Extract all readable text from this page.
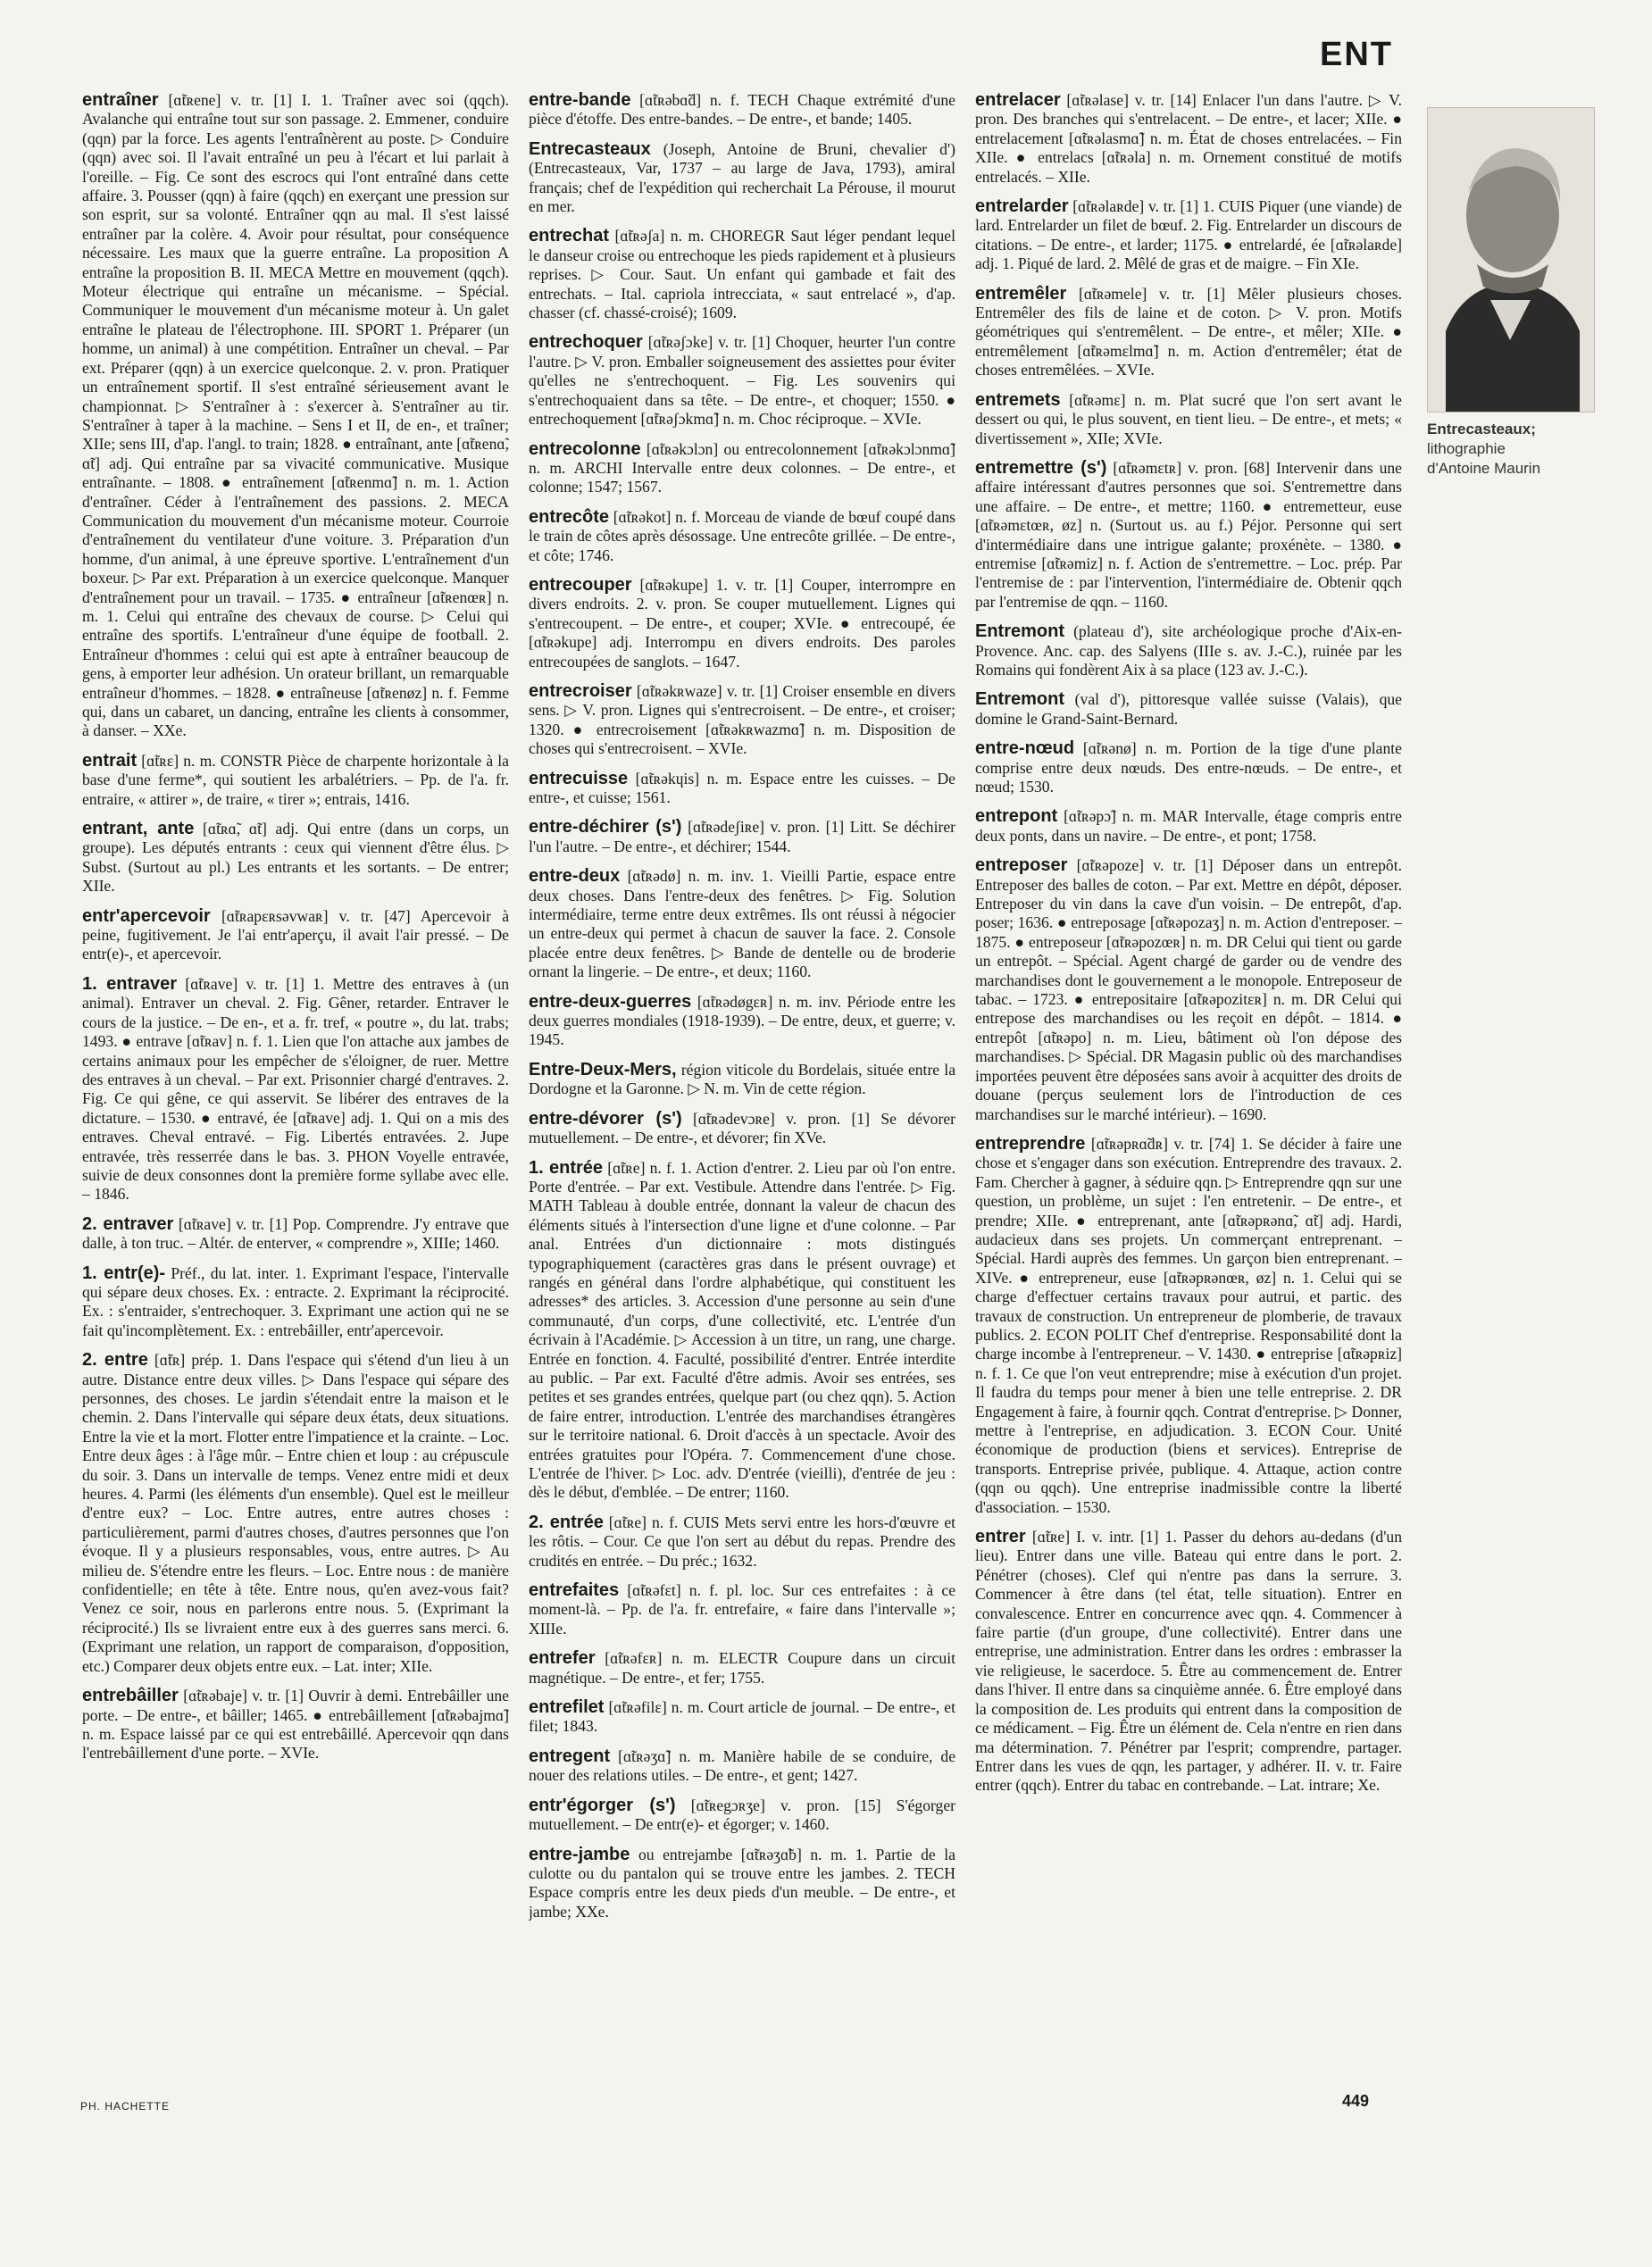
ENT

entraîner [ɑ̃tʀene] v. tr. [1] I. 1. Traîner avec soi (qqch). Avalanche qui entraîne tout sur son passage. 2. Emmener, conduire (qqn) par la force. Les agents l'entraînèrent au poste. ▷ Conduire (qqn) avec soi. Il l'avait entraîné un peu à l'écart et lui parlait à l'oreille. – Fig. Ce sont des escrocs qui l'ont entraîné dans cette affaire. 3. Pousser (qqn) à faire (qqch) en exerçant une pression sur son esprit, sur sa volonté. Entraîner qqn au mal. Il s'est laissé entraîner par la colère. 4. Avoir pour résultat, pour conséquence nécessaire. Les maux que la guerre entraîne. La proposition A entraîne la proposition B. II. MECA Mettre en mouvement (qqch). Moteur électrique qui entraîne un mécanisme. – Spécial. Communiquer le mouvement d'un mécanisme moteur à. Un galet entraîne le plateau de l'électrophone. III. SPORT 1. Préparer (un homme, un animal) à une compétition. Entraîner un cheval. – Par ext. Préparer (qqn) à un exercice quelconque. 2. v. pron. Pratiquer un entraînement sportif. Il s'est entraîné sérieusement avant le championnat. ▷ S'entraîner à : s'exercer à. S'entraîner au tir. S'entraîner à taper à la machine. – Sens I et II, de en-, et traîner; XIIe; sens III, d'ap. l'angl. to train; 1828. ● entraînant, ante [ɑ̃tʀenɑ̃, ɑ̃t] adj. Qui entraîne par sa vivacité communicative. Musique entraînante. – 1808. ● entraînement [ɑ̃tʀenmɑ̃] n. m. 1. Action d'entraîner. Céder à l'entraînement des passions. 2. MECA Communication du mouvement d'un mécanisme moteur. Courroie d'entraînement du ventilateur d'une voiture. 3. Préparation d'un homme, d'un animal, à une épreuve sportive. L'entraînement d'un boxeur. ▷ Par ext. Préparation à un exercice quelconque. Manquer d'entraînement pour un travail. – 1735. ● entraîneur [ɑ̃tʀenœʀ] n. m. 1. Celui qui entraîne des chevaux de course. ▷ Celui qui entraîne des sportifs. L'entraîneur d'une équipe de football. 2. Entraîneur d'hommes : celui qui est apte à entraîner beaucoup de gens, à emporter leur adhésion. Un orateur brillant, un remarquable entraîneur d'hommes. – 1828. ● entraîneuse [ɑ̃tʀenøz] n. f. Femme qui, dans un cabaret, un dancing, entraîne les clients à consommer, à danser. – XXe.

entrait [ɑ̃tʀɛ] n. m. CONSTR Pièce de charpente horizontale à la base d'une ferme*, qui soutient les arbalétriers. – Pp. de l'a. fr. entraire, « attirer », de traire, « tirer »; entrais, 1416.

entrant, ante [ɑ̃tʀɑ̃, ɑ̃t] adj. Qui entre (dans un corps, un groupe). Les députés entrants : ceux qui viennent d'être élus. ▷ Subst. (Surtout au pl.) Les entrants et les sortants. – De entrer; XIIe.

entr'apercevoir [ɑ̃tʀapɛʀsəvwaʀ] v. tr. [47] Apercevoir à peine, fugitivement. Je l'ai entr'aperçu, il avait l'air pressé. – De entr(e)-, et apercevoir.

1. entraver [ɑ̃tʀave] v. tr. [1] 1. Mettre des entraves à (un animal). Entraver un cheval. 2. Fig. Gêner, retarder. Entraver le cours de la justice. – De en-, et a. fr. tref, « poutre », du lat. trabs; 1493. ● entrave [ɑ̃tʀav] n. f. 1. Lien que l'on attache aux jambes de certains animaux pour les empêcher de s'éloigner, de ruer. Mettre des entraves à un cheval. – Par ext. Prisonnier chargé d'entraves. 2. Fig. Ce qui gêne, ce qui asservit. Se libérer des entraves de la dictature. – 1530. ● entravé, ée [ɑ̃tʀave] adj. 1. Qui on a mis des entraves. Cheval entravé. – Fig. Libertés entravées. 2. Jupe entravée, très resserrée dans le bas. 3. PHON Voyelle entravée, suivie de deux consonnes dont la première forme syllabe avec elle. – 1846.

2. entraver [ɑ̃tʀave] v. tr. [1] Pop. Comprendre. J'y entrave que dalle, à ton truc. – Altér. de enterver, « comprendre », XIIIe; 1460.

1. entr(e)- Préf., du lat. inter. 1. Exprimant l'espace, l'intervalle qui sépare deux choses. Ex. : entracte. 2. Exprimant la réciprocité. Ex. : s'entraider, s'entrechoquer. 3. Exprimant une action qui ne se fait qu'incomplètement. Ex. : entrebâiller, entr'apercevoir.

2. entre [ɑ̃tʀ] prép. 1. Dans l'espace qui s'étend d'un lieu à un autre. Distance entre deux villes. ▷ Dans l'espace qui sépare des personnes, des choses. Le jardin s'étendait entre la maison et le chemin. 2. Dans l'intervalle qui sépare deux états, deux situations. Entre la vie et la mort. Flotter entre l'impatience et la crainte. – Loc. Entre deux âges : à l'âge mûr. – Entre chien et loup : au crépuscule du soir. 3. Dans un intervalle de temps. Venez entre midi et deux heures. 4. Parmi (les éléments d'un ensemble). Quel est le meilleur d'entre eux? – Loc. Entre autres, entre autres choses : particulièrement, parmi d'autres choses, d'autres personnes que l'on évoque. Il y a plusieurs responsables, vous, entre autres. ▷ Au milieu de. S'étendre entre les fleurs. – Loc. Entre nous : de manière confidentielle; en tête à tête. Entre nous, qu'en avez-vous fait? Venez ce soir, nous en parlerons entre nous. 5. (Exprimant la réciprocité.) Ils se livraient entre eux à des guerres sans merci. 6. (Exprimant une relation, un rapport de comparaison, d'opposition, etc.) Comparer deux objets entre eux. – Lat. inter; XIIe.

entrebâiller [ɑ̃tʀəbaje] v. tr. [1] Ouvrir à demi. Entrebâiller une porte. – De entre-, et bâiller; 1465. ● entrebâillement [ɑ̃tʀəbajmɑ̃] n. m. Espace laissé par ce qui est entrebâillé. Apercevoir qqn dans l'entrebâillement d'une porte. – XVIe.

entre-bande [ɑ̃tʀəbɑ̃d] n. f. TECH Chaque extrémité d'une pièce d'étoffe. Des entre-bandes. – De entre-, et bande; 1405.

Entrecasteaux (Joseph, Antoine de Bruni, chevalier d') (Entrecasteaux, Var, 1737 – au large de Java, 1793), amiral français; chef de l'expédition qui recherchait La Pérouse, il mourut en mer.

entrechat [ɑ̃tʀəʃa] n. m. CHOREGR Saut léger pendant lequel le danseur croise ou entrechoque les pieds rapidement et à plusieurs reprises. ▷ Cour. Saut. Un enfant qui gambade et fait des entrechats. – Ital. capriola intrecciata, « saut entrelacé », d'ap. chasser (cf. chassé-croisé); 1609.

entrechoquer [ɑ̃tʀəʃɔke] v. tr. [1] Choquer, heurter l'un contre l'autre. ▷ V. pron. Emballer soigneusement des assiettes pour éviter qu'elles ne s'entrechoquent. – Fig. Les souvenirs qui s'entrechoquaient dans sa tête. – De entre-, et choquer; 1550. ● entrechoquement [ɑ̃tʀəʃɔkmɑ̃] n. m. Choc réciproque. – XVIe.

entrecolonne [ɑ̃tʀəkɔlɔn] ou entrecolonnement [ɑ̃tʀəkɔlɔnmɑ̃] n. m. ARCHI Intervalle entre deux colonnes. – De entre-, et colonne; 1547; 1567.

entrecôte [ɑ̃tʀəkot] n. f. Morceau de viande de bœuf coupé dans le train de côtes après désossage. Une entrecôte grillée. – De entre-, et côte; 1746.

entrecouper [ɑ̃tʀəkupe] 1. v. tr. [1] Couper, interrompre en divers endroits. 2. v. pron. Se couper mutuellement. Lignes qui s'entrecoupent. – De entre-, et couper; XVIe. ● entrecoupé, ée [ɑ̃tʀəkupe] adj. Interrompu en divers endroits. Des paroles entrecoupées de sanglots. – 1647.

entrecroiser [ɑ̃tʀəkʀwaze] v. tr. [1] Croiser ensemble en divers sens. ▷ V. pron. Lignes qui s'entrecroisent. – De entre-, et croiser; 1320. ● entrecroisement [ɑ̃tʀəkʀwazmɑ̃] n. m. Disposition de choses qui s'entrecroisent. – XVIe.

entrecuisse [ɑ̃tʀəkɥis] n. m. Espace entre les cuisses. – De entre-, et cuisse; 1561.

entre-déchirer (s') [ɑ̃tʀədeʃiʀe] v. pron. [1] Litt. Se déchirer l'un l'autre. – De entre-, et déchirer; 1544.

entre-deux [ɑ̃tʀədø] n. m. inv. 1. Vieilli Partie, espace entre deux choses. Dans l'entre-deux des fenêtres. ▷ Fig. Solution intermédiaire, terme entre deux extrêmes. Ils ont réussi à négocier un entre-deux qui permet à chacun de sauver la face. 2. Console placée entre deux fenêtres. ▷ Bande de dentelle ou de broderie ornant la lingerie. – De entre-, et deux; 1160.

entre-deux-guerres [ɑ̃tʀədøgɛʀ] n. m. inv. Période entre les deux guerres mondiales (1918-1939). – De entre, deux, et guerre; v. 1945.

Entre-Deux-Mers, région viticole du Bordelais, située entre la Dordogne et la Garonne. ▷ N. m. Vin de cette région.

entre-dévorer (s') [ɑ̃tʀədevɔʀe] v. pron. [1] Se dévorer mutuellement. – De entre-, et dévorer; fin XVe.

1. entrée [ɑ̃tʀe] n. f. 1. Action d'entrer. 2. Lieu par où l'on entre. Porte d'entrée. – Par ext. Vestibule. Attendre dans l'entrée. ▷ Fig. MATH Tableau à double entrée, donnant la valeur de chacun des éléments situés à l'intersection d'une ligne et d'une colonne. – Par anal. Entrées d'un dictionnaire : mots distingués typographiquement (caractères gras dans le présent ouvrage) et rangés en général dans l'ordre alphabétique, qui constituent les adresses* des articles. 3. Accession d'une personne au sein d'une communauté, d'un corps, d'une collectivité, etc. L'entrée d'un écrivain à l'Académie. ▷ Accession à un titre, un rang, une charge. Entrée en fonction. 4. Faculté, possibilité d'entrer. Entrée interdite au public. – Par ext. Faculté d'être admis. Avoir ses entrées, ses petites et ses grandes entrées, quelque part (ou chez qqn). 5. Action de faire entrer, introduction. L'entrée des marchandises étrangères sur le territoire national. 6. Droit d'accès à un spectacle. Avoir des entrées gratuites pour l'Opéra. 7. Commencement d'une chose. L'entrée de l'hiver. ▷ Loc. adv. D'entrée (vieilli), d'entrée de jeu : dès le début, d'emblée. – De entrer; 1160.

2. entrée [ɑ̃tʀe] n. f. CUIS Mets servi entre les hors-d'œuvre et les rôtis. – Cour. Ce que l'on sert au début du repas. Prendre des crudités en entrée. – Du préc.; 1632.

entrefaites [ɑ̃tʀəfɛt] n. f. pl. loc. Sur ces entrefaites : à ce moment-là. – Pp. de l'a. fr. entrefaire, « faire dans l'intervalle »; XIIIe.

entrefer [ɑ̃tʀəfɛʀ] n. m. ELECTR Coupure dans un circuit magnétique. – De entre-, et fer; 1755.

entrefilet [ɑ̃tʀəfilɛ] n. m. Court article de journal. – De entre-, et filet; 1843.

entregent [ɑ̃tʀəʒɑ̃] n. m. Manière habile de se conduire, de nouer des relations utiles. – De entre-, et gent; 1427.

entr'égorger (s') [ɑ̃tʀegɔʀʒe] v. pron. [15] S'égorger mutuellement. – De entr(e)- et égorger; v. 1460.

entre-jambe ou entrejambe [ɑ̃tʀəʒɑ̃b] n. m. 1. Partie de la culotte ou du pantalon qui se trouve entre les jambes. 2. TECH Espace compris entre les deux pieds d'un meuble. – De entre-, et jambe; XXe.

entrelacer [ɑ̃tʀəlase] v. tr. [14] Enlacer l'un dans l'autre. ▷ V. pron. Des branches qui s'entrelacent. – De entre-, et lacer; XIIe. ● entrelacement [ɑ̃tʀəlasmɑ̃] n. m. État de choses entrelacées. – Fin XIIe. ● entrelacs [ɑ̃tʀəla] n. m. Ornement constitué de motifs entrelacés. – XIIe.

entrelarder [ɑ̃tʀəlaʀde] v. tr. [1] 1. CUIS Piquer (une viande) de lard. Entrelarder un filet de bœuf. 2. Fig. Entrelarder un discours de citations. – De entre-, et larder; 1175. ● entrelardé, ée [ɑ̃tʀəlaʀde] adj. 1. Piqué de lard. 2. Mêlé de gras et de maigre. – Fin XIe.

entremêler [ɑ̃tʀəmele] v. tr. [1] Mêler plusieurs choses. Entremêler des fils de laine et de coton. ▷ V. pron. Motifs géométriques qui s'entremêlent. – De entre-, et mêler; XIIe. ● entremêlement [ɑ̃tʀəmɛlmɑ̃] n. m. Action d'entremêler; état de choses entremêlées. – XVIe.

entremets [ɑ̃tʀəmɛ] n. m. Plat sucré que l'on sert avant le dessert ou qui, le plus souvent, en tient lieu. – De entre-, et mets; « divertissement », XIIe; XVIe.

entremettre (s') [ɑ̃tʀəmɛtʀ] v. pron. [68] Intervenir dans une affaire intéressant d'autres personnes que soi. S'entremettre dans une affaire. – De entre-, et mettre; 1160. ● entremetteur, euse [ɑ̃tʀəmɛtœʀ, øz] n. (Surtout us. au f.) Péjor. Personne qui sert d'intermédiaire dans une intrigue galante; proxénète. – 1380. ● entremise [ɑ̃tʀəmiz] n. f. Action de s'entremettre. – Loc. prép. Par l'entremise de : par l'intervention, l'intermédiaire de. Obtenir qqch par l'entremise de qqn. – 1160.

Entremont (plateau d'), site archéologique proche d'Aix-en-Provence. Anc. cap. des Salyens (IIIe s. av. J.-C.), ruinée par les Romains qui fondèrent Aix à sa place (123 av. J.-C.).

Entremont (val d'), pittoresque vallée suisse (Valais), que domine le Grand-Saint-Bernard.

entre-nœud [ɑ̃tʀənø] n. m. Portion de la tige d'une plante comprise entre deux nœuds. Des entre-nœuds. – De entre-, et nœud; 1530.

entrepont [ɑ̃tʀəpɔ̃] n. m. MAR Intervalle, étage compris entre deux ponts, dans un navire. – De entre-, et pont; 1758.

entreposer [ɑ̃tʀəpoze] v. tr. [1] Déposer dans un entrepôt. Entreposer des balles de coton. – Par ext. Mettre en dépôt, déposer. Entreposer du vin dans la cave d'un voisin. – De entrepôt, d'ap. poser; 1636. ● entreposage [ɑ̃tʀəpozaʒ] n. m. Action d'entreposer. – 1875. ● entreposeur [ɑ̃tʀəpozœʀ] n. m. DR Celui qui tient ou garde un entrepôt. – Spécial. Agent chargé de garder ou de vendre des marchandises dont le gouvernement a le monopole. Entreposeur de tabac. – 1723. ● entrepositaire [ɑ̃tʀəpozitɛʀ] n. m. DR Celui qui entrepose des marchandises ou les reçoit en dépôt. – 1814. ● entrepôt [ɑ̃tʀəpo] n. m. Lieu, bâtiment où l'on dépose des marchandises. ▷ Spécial. DR Magasin public où des marchandises importées peuvent être déposées sans avoir à acquitter des droits de douane (perçus seulement lors de l'introduction de ces marchandises sur le marché intérieur). – 1690.

entreprendre [ɑ̃tʀəpʀɑ̃dʀ] v. tr. [74] 1. Se décider à faire une chose et s'engager dans son exécution. Entreprendre des travaux. 2. Fam. Chercher à gagner, à séduire qqn. ▷ Entreprendre qqn sur une question, un problème, un sujet : l'en entretenir. – De entre-, et prendre; XIIe. ● entreprenant, ante [ɑ̃tʀəpʀənɑ̃, ɑ̃t] adj. Hardi, audacieux dans ses projets. Un commerçant entreprenant. – Spécial. Hardi auprès des femmes. Un garçon bien entreprenant. – XIVe. ● entrepreneur, euse [ɑ̃tʀəpʀənœʀ, øz] n. 1. Celui qui se charge d'effectuer certains travaux pour autrui, et partic. des travaux de construction. Un entrepreneur de plomberie, de travaux publics. 2. ECON POLIT Chef d'entreprise. Responsabilité dont la charge incombe à l'entrepreneur. – V. 1430. ● entreprise [ɑ̃tʀəpʀiz] n. f. 1. Ce que l'on veut entreprendre; mise à exécution d'un projet. Il faudra du temps pour mener à bien une telle entreprise. 2. DR Engagement à faire, à fournir qqch. Contrat d'entreprise. ▷ Donner, mettre à l'entreprise, en adjudication. 3. ECON Cour. Unité économique de production (biens et services). Entreprise de transports. Entreprise privée, publique. 4. Attaque, action contre (qqn ou qqch). Une entreprise inadmissible contre la liberté d'association. – 1530.

entrer [ɑ̃tʀe] I. v. intr. [1] 1. Passer du dehors au-dedans (d'un lieu). Entrer dans une ville. Bateau qui entre dans le port. 2. Pénétrer (choses). Clef qui n'entre pas dans la serrure. 3. Commencer à être dans (tel état, telle situation). Entrer en convalescence. Entrer en concurrence avec qqn. 4. Commencer à faire partie (d'un groupe, d'une collectivité). Entrer dans une entreprise, une administration. Entrer dans les ordres : embrasser la vie religieuse, le sacerdoce. 5. Être au commencement de. Entrer dans l'hiver. Il entre dans sa cinquième année. 6. Être employé dans la composition de. Les produits qui entrent dans la composition de ce médicament. – Fig. Être un élément de. Cela n'entre en rien dans ma détermination. 7. Pénétrer par l'esprit; comprendre, partager. Entrer dans les vues de qqn, les partager, y adhérer. II. v. tr. Faire entrer (qqch). Entrer du tabac en contrebande. – Lat. intrare; Xe.

Entrecasteaux;
lithographie
d'Antoine Maurin
PH. HACHETTE	449
